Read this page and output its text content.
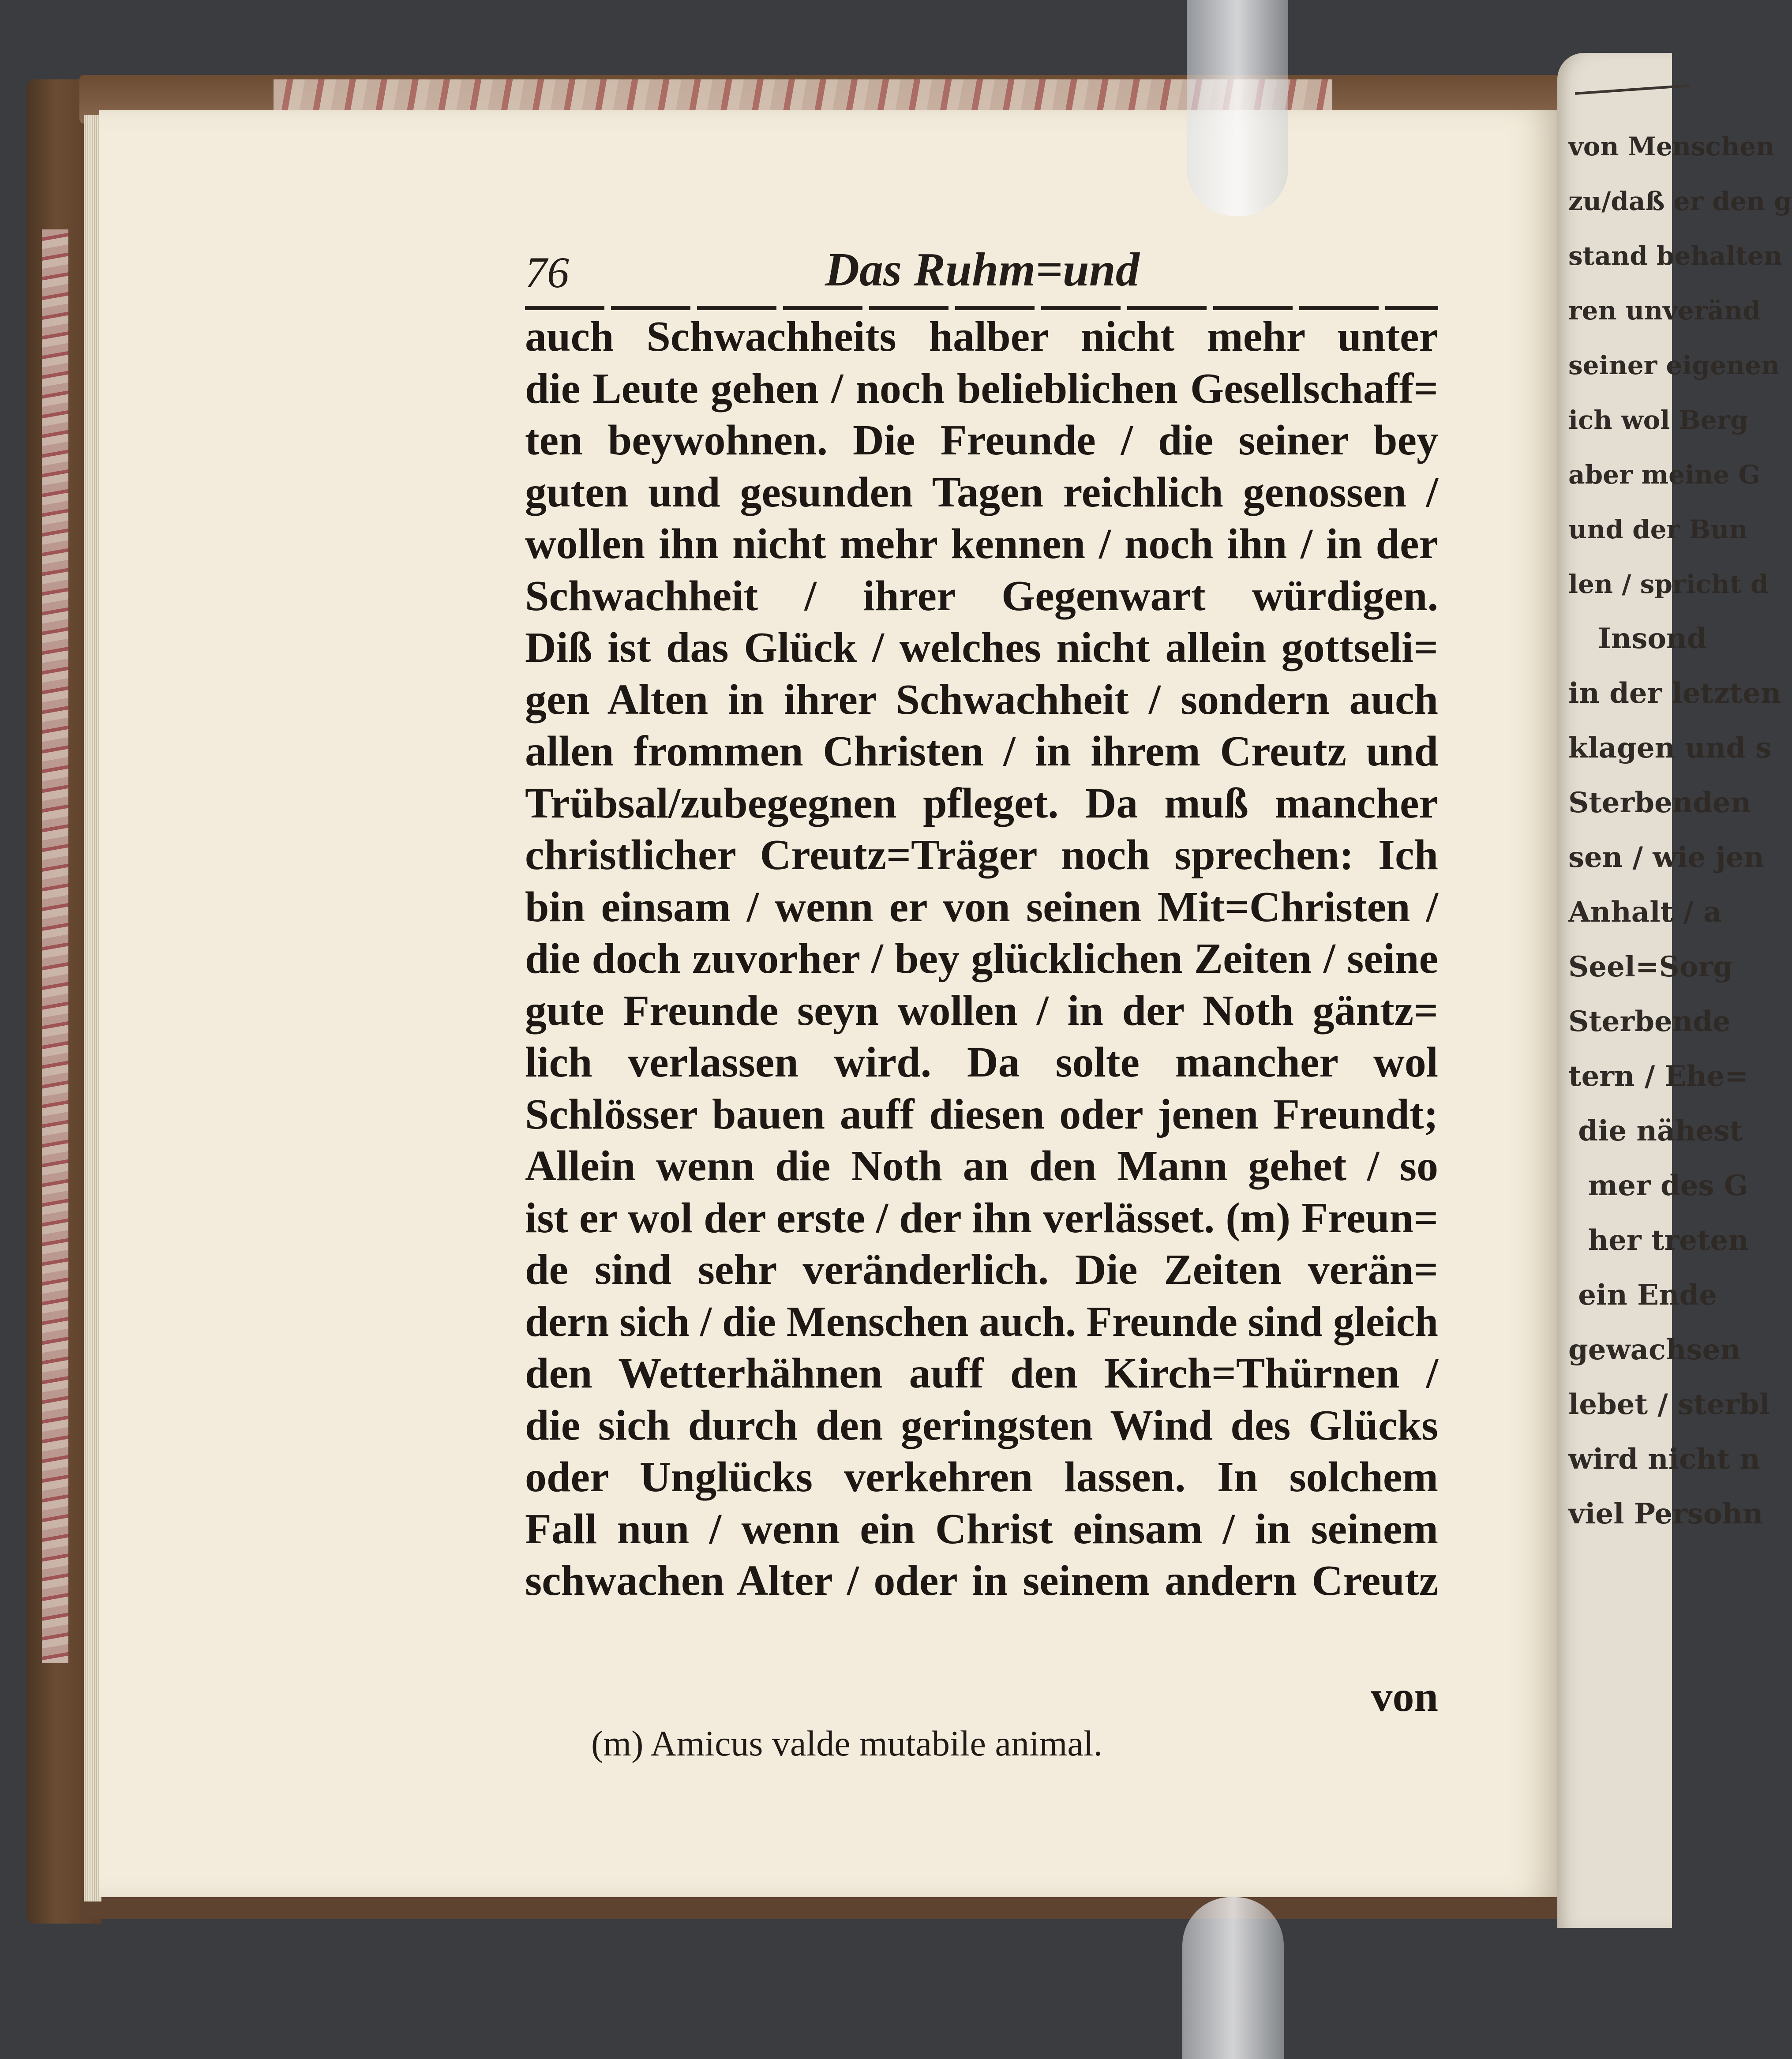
von Menschen
zu/daß er den g
stand behalten
ren unveränd
seiner eigenen
ich wol Berg
aber meine G
und der Bun
len / spricht d
Insond
in der letzten
klagen und s
Sterbenden
sen / wie jen
Anhalt / a
Seel=Sorg
Sterbende
tern / Ehe=
die nähest
mer des G
her treten
ein Ende
gewachsen
lebet / sterbl
wird nicht n
viel Persohn
76	Das Ruhm=und
auch Schwachheits halber nicht mehr unter
die Leute gehen / noch belieblichen Gesellschaff=
ten beywohnen. Die Freunde / die seiner bey
guten und gesunden Tagen reichlich genossen /
wollen ihn nicht mehr kennen / noch ihn / in der
Schwachheit / ihrer Gegenwart würdigen.
Diß ist das Glück / welches nicht allein gottseli=
gen Alten in ihrer Schwachheit / sondern auch
allen frommen Christen / in ihrem Creutz und
Trübsal/zubegegnen pfleget. Da muß mancher
christlicher Creutz=Träger noch sprechen: Ich
bin einsam / wenn er von seinen Mit=Christen /
die doch zuvorher / bey glücklichen Zeiten / seine
gute Freunde seyn wollen / in der Noth gäntz=
lich verlassen wird. Da solte mancher wol
Schlösser bauen auff diesen oder jenen Freundt;
Allein wenn die Noth an den Mann gehet / so
ist er wol der erste / der ihn verlässet. (m) Freun=
de sind sehr veränderlich. Die Zeiten verän=
dern sich / die Menschen auch. Freunde sind gleich
den Wetterhähnen auff den Kirch=Thürnen /
die sich durch den geringsten Wind des Glücks
oder Unglücks verkehren lassen. In solchem
Fall nun / wenn ein Christ einsam / in seinem
schwachen Alter / oder in seinem andern Creutz
von
(m) Amicus valde mutabile animal.
